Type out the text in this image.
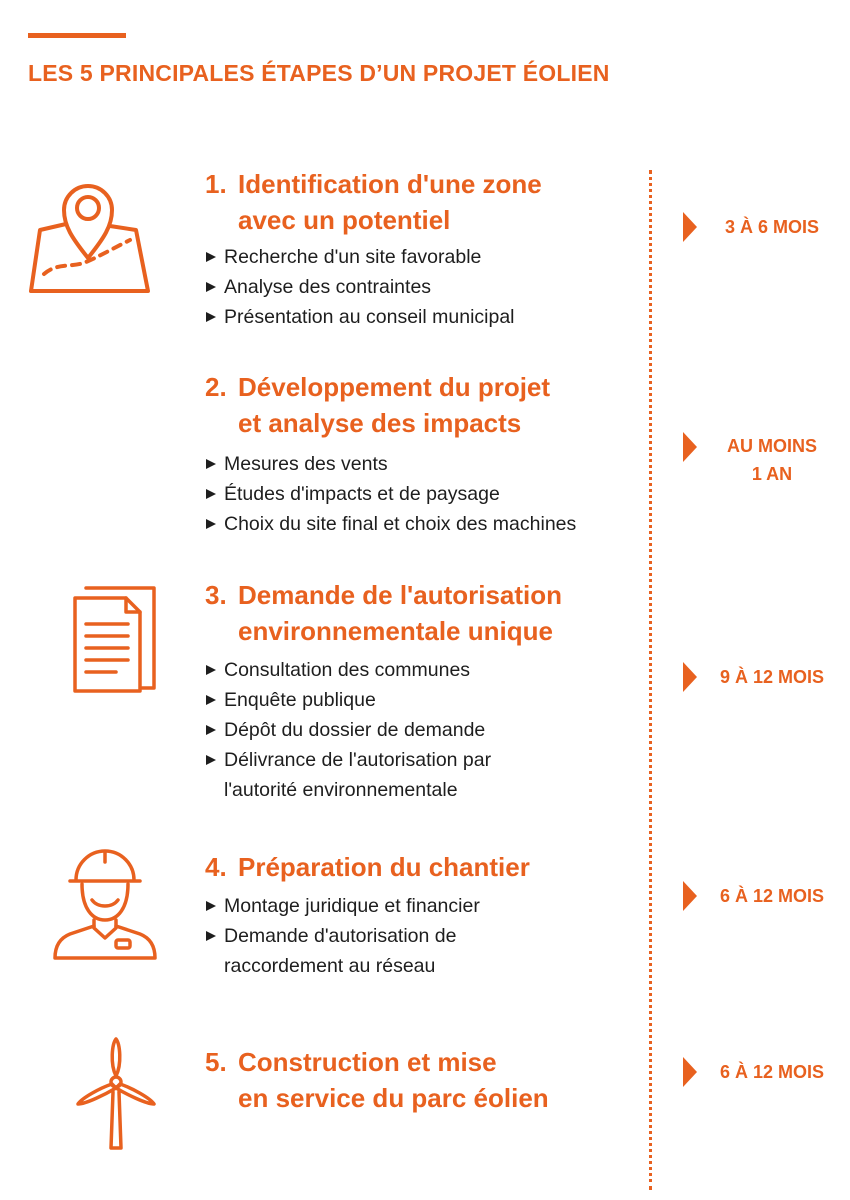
LES 5 PRINCIPALES ÉTAPES D’UN PROJET ÉOLIEN
1. Identification d'une zone
avec un potentiel
Recherche d'un site favorable
Analyse des contraintes
Présentation au conseil municipal
3 À 6 MOIS
2. Développement du projet
et analyse des impacts
Mesures des vents
Études d'impacts et de paysage
Choix du site final et choix des machines
AU MOINS
1 AN
3. Demande de l'autorisation
environnementale unique
Consultation des communes
Enquête publique
Dépôt du dossier de demande
Délivrance de l'autorisation par
l'autorité environnementale
9 À 12 MOIS
4. Préparation du chantier
Montage juridique et financier
Demande d'autorisation de
raccordement au réseau
6 À 12 MOIS
5. Construction et mise
en service du parc éolien
6 À 12 MOIS
